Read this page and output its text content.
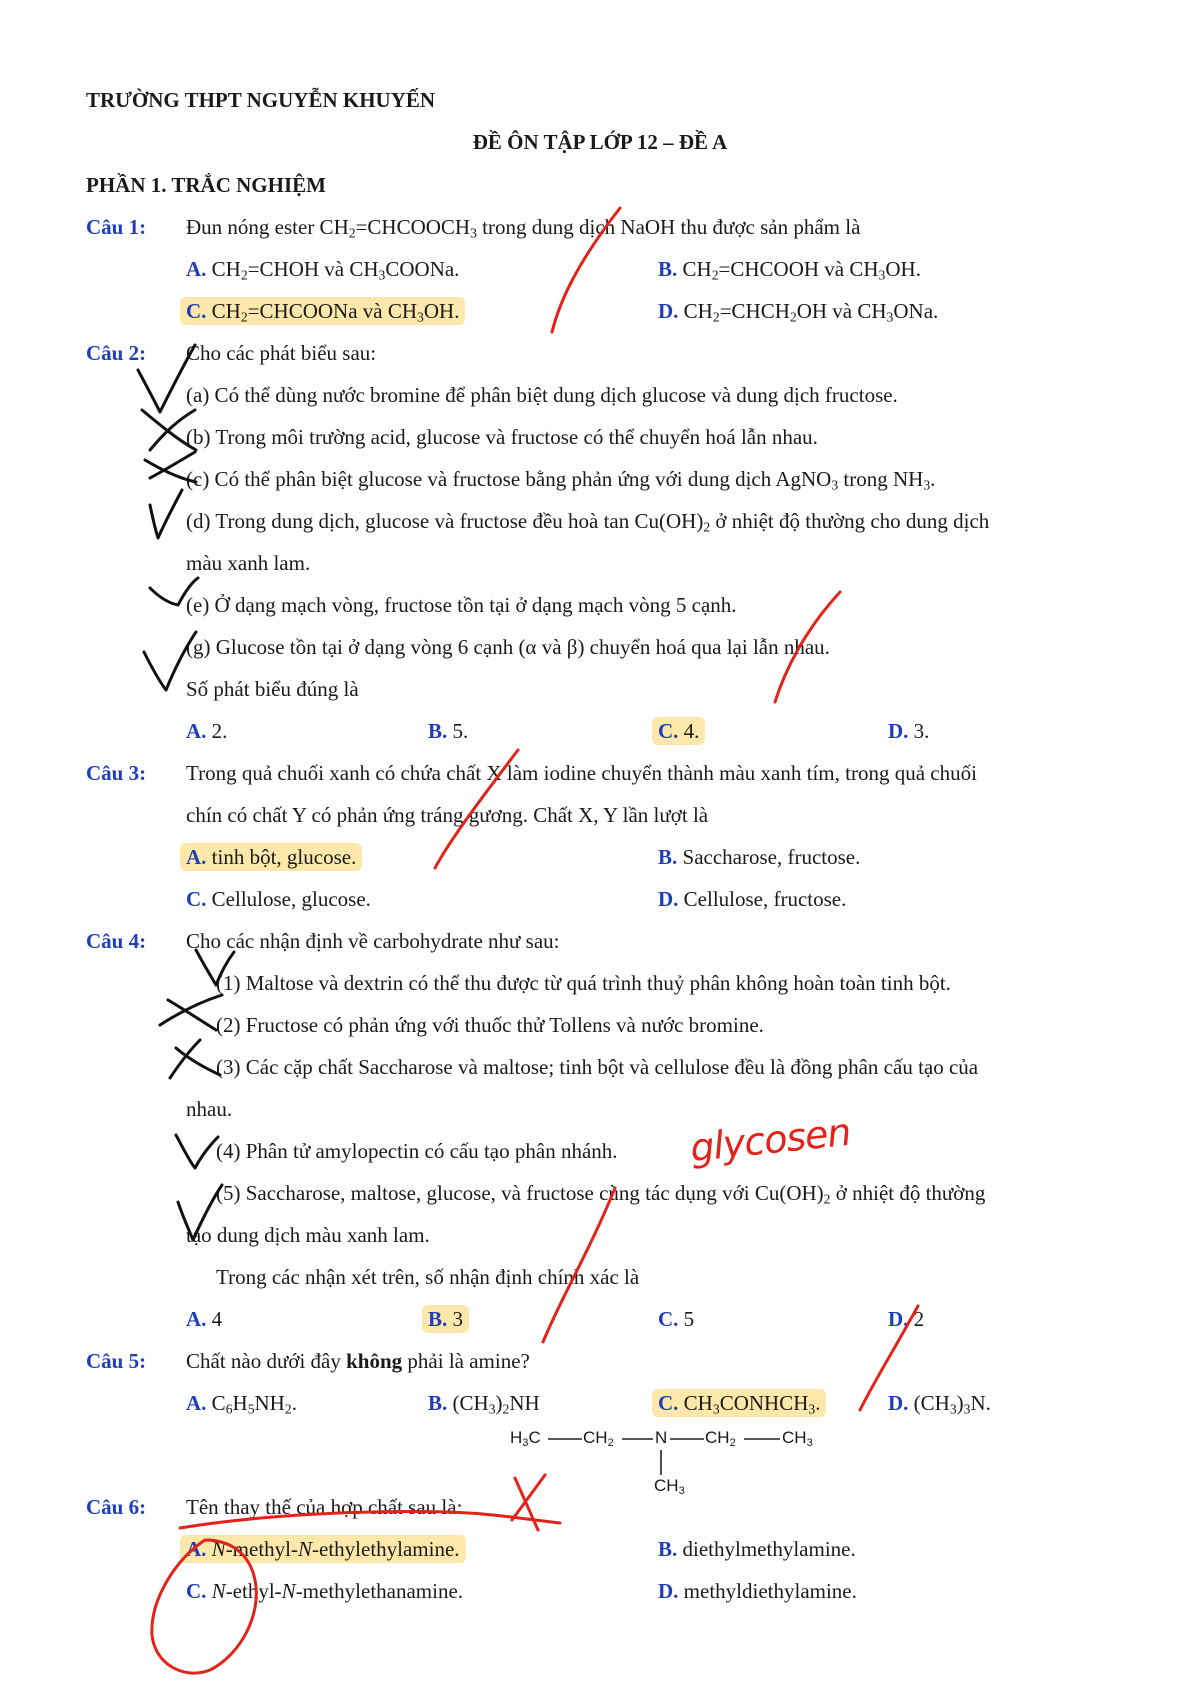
TRƯỜNG THPT NGUYỄN KHUYẾN
ĐỀ ÔN TẬP LỚP 12 – ĐỀ A
PHẦN 1. TRẮC NGHIỆM
Câu 1: Đun nóng ester $CH_2=CHCOOCH_3$ trong dung dịch NaOH thu được sản phẩm là
A. $CH_2=CHOH$ và $CH_3COONa$.	B. $CH_2=CHCOOH$ và $CH_3OH$.
C. $CH_2=CHCOONa$ và $CH_3OH$.	D. $CH_2=CHCH_2OH$ và $CH_3ONa$.
Câu 2: Cho các phát biểu sau:
(a) Có thể dùng nước bromine để phân biệt dung dịch glucose và dung dịch fructose.
(b) Trong môi trường acid, glucose và fructose có thể chuyển hoá lẫn nhau.
(c) Có thể phân biệt glucose và fructose bằng phản ứng với dung dịch AgNO$_3$ trong $NH_3$.
(d) Trong dung dịch, glucose và fructose đều hoà $\tan Cu(OH)_2$ ở nhiệt độ thường cho dung dịch
màu xanh lam.
(e) Ở dạng mạch vòng, fructose tồn tại ở dạng mạch vòng 5 cạnh.
(g) Glucose tồn tại ở dạng vòng 6 cạnh (α và β) chuyển hoá qua lại lẫn nhau.
Số phát biểu đúng là
A. 2.	B. 5.	C. 4.	D. 3.
Câu 3: Trong quả chuối xanh có chứa chất X làm iodine chuyển thành màu xanh tím, trong quả chuối
chín có chất Y có phản ứng tráng gương. Chất X, Y lần lượt là
A. tinh bột, glucose.	B. Saccharose, fructose.
C. Cellulose, glucose.	D. Cellulose, fructose.
Câu 4: Cho các nhận định về carbohydrate như sau:
(1) Maltose và dextrin có thể thu được từ quá trình thuỷ phân không hoàn toàn tinh bột.
(2) Fructose có phản ứng với thuốc thử Tollens và nước bromine.
(3) Các cặp chất Saccharose và maltose; tinh bột và cellulose đều là đồng phân cấu tạo của
nhau.
(4) Phân tử amylopectin có cấu tạo phân nhánh.
(5) Saccharose, maltose, glucose, và fructose cùng tác dụng với $Cu(OH)_2$ ở nhiệt độ thường
tạo dung dịch màu xanh lam.
Trong các nhận xét trên, số nhận định chính xác là
A. 4	B. 3	C. 5	D. 2
Câu 5: Chất nào dưới đây không phải là amine?
A. $C_6H_5NH_2$.	B. $(CH_3)_2NH$	C. $CH_3CONHCH_3$.	D. $(CH_3)_3N$.
$H_3C$ $CH_2$ N $CH_2$	$CH_3$
$CH_3$
Câu 6: Tên thay thế của hợp chất sau là:
A. N-methyl-N-ethylethylamine.	B. diethylmethylamine.
C. N-ethyl-N-methylethanamine.	D. methyldiethylamine.
glycosen
